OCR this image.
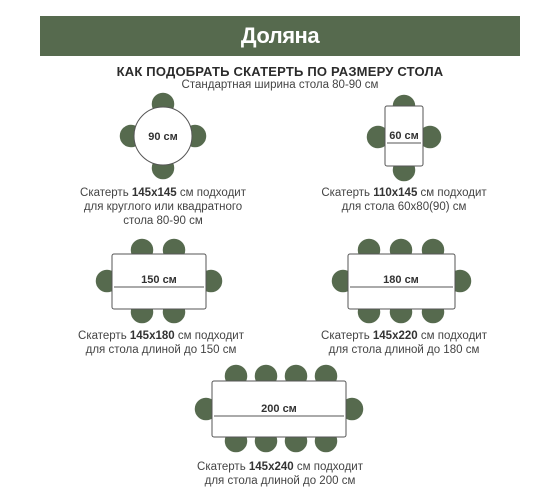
Доляна
КАК ПОДОБРАТЬ СКАТЕРТЬ ПО РАЗМЕРУ СТОЛА
Стандартная ширина стола 80-90 см
90 см	60 см
150 см	180 см
200 см
Скатерть 145x145 см подходит
для круглого или квадратного
стола 80-90 см
Скатерть 110x145 см подходит
для стола 60х80(90) см
Скатерть 145x180 см подходит
для стола длиной до 150 см
Скатерть 145x220 см подходит
для стола длиной до 180 см
Скатерть 145x240 см подходит
для стола длиной до 200 см
